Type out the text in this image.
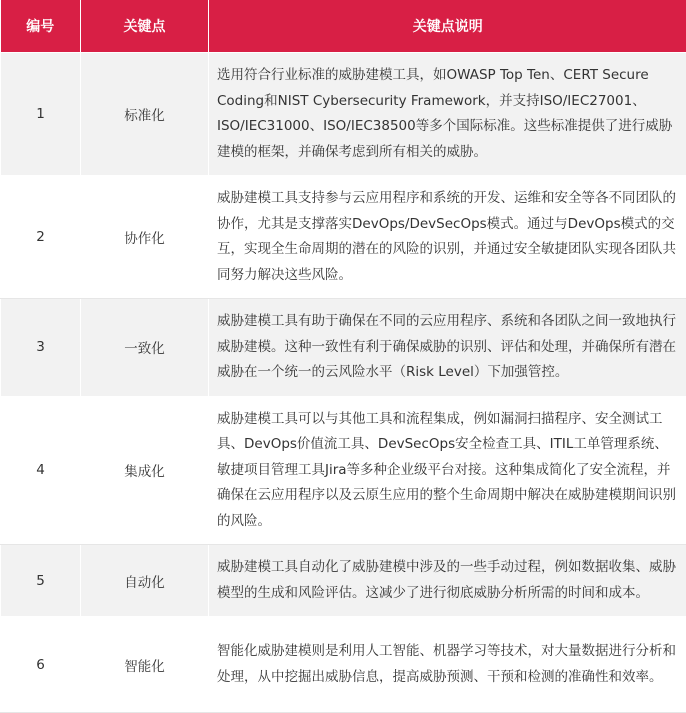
编号	关键点	关键点说明
1	标准化	选用符合行业标准的威胁建模工具，如OWASP Top Ten、CERT Secure Coding和NIST Cybersecurity Framework，并支持ISO/IEC27001、ISO/IEC31000、ISO/IEC38500等多个国际标准。这些标准提供了进行威胁建模的框架，并确保考虑到所有相关的威胁。
2	协作化	威胁建模工具支持参与云应用程序和系统的开发、运维和安全等各不同团队的协作，尤其是支撑落实DevOps/DevSecOps模式。通过与DevOps模式的交互，实现全生命周期的潜在的风险的识别，并通过安全敏捷团队实现各团队共同努力解决这些风险。
3	一致化	威胁建模工具有助于确保在不同的云应用程序、系统和各团队之间一致地执行威胁建模。这种一致性有利于确保威胁的识别、评估和处理，并确保所有潜在威胁在一个统一的云风险水平（Risk Level）下加强管控。
4	集成化	威胁建模工具可以与其他工具和流程集成，例如漏洞扫描程序、安全测试工具、DevOps价值流工具、DevSecOps安全检查工具、ITIL工单管理系统、敏捷项目管理工具Jira等多种企业级平台对接。这种集成简化了安全流程，并确保在云应用程序以及云原生应用的整个生命周期中解决在威胁建模期间识别的风险。
5	自动化	威胁建模工具自动化了威胁建模中涉及的一些手动过程，例如数据收集、威胁模型的生成和风险评估。这减少了进行彻底威胁分析所需的时间和成本。
6	智能化	智能化威胁建模则是利用人工智能、机器学习等技术，对大量数据进行分析和处理，从中挖掘出威胁信息，提高威胁预测、干预和检测的准确性和效率。
